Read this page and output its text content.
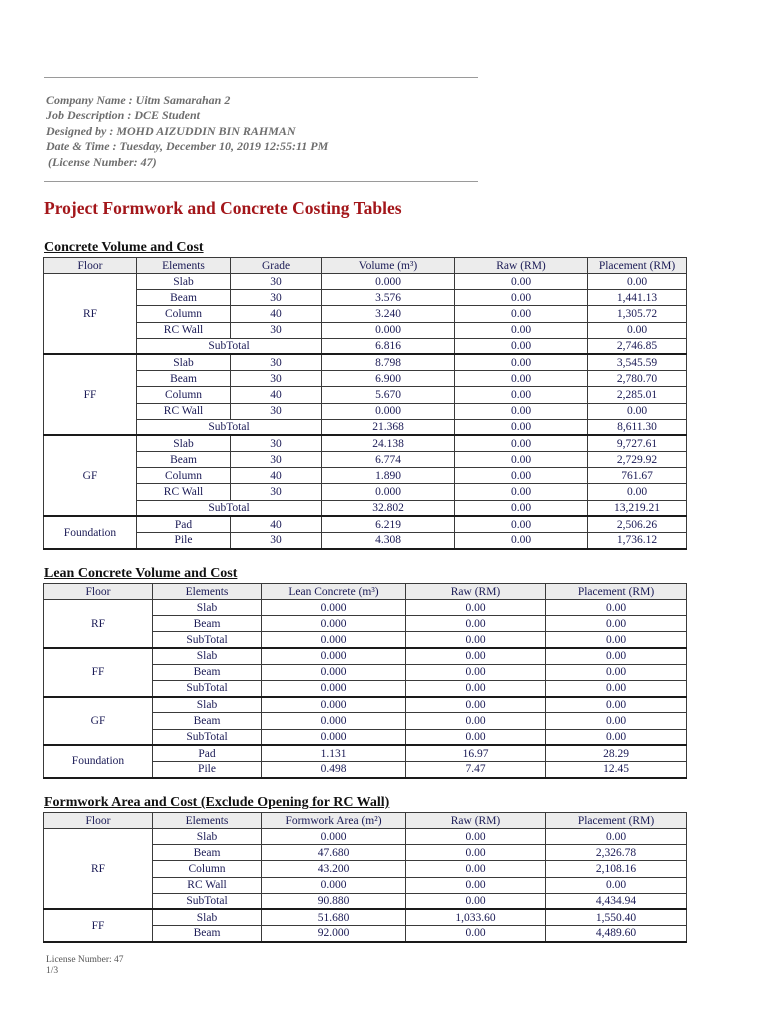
Company Name : Uitm Samarahan 2
Job Description : DCE Student
Designed by : MOHD AIZUDDIN BIN RAHMAN
Date & Time : Tuesday, December 10, 2019 12:55:11 PM
(License Number: 47)
Project Formwork and Concrete Costing Tables
Concrete Volume and Cost
Floor	Elements	Grade	Volume (m³)	Raw (RM)	Placement (RM)
RF	Slab	30	0.000	0.00	0.00
	Beam	30	3.576	0.00	1,441.13
	Column	40	3.240	0.00	1,305.72
	RC Wall	30	0.000	0.00	0.00
	SubTotal		6.816	0.00	2,746.85
FF	Slab	30	8.798	0.00	3,545.59
	Beam	30	6.900	0.00	2,780.70
	Column	40	5.670	0.00	2,285.01
	RC Wall	30	0.000	0.00	0.00
	SubTotal		21.368	0.00	8,611.30
GF	Slab	30	24.138	0.00	9,727.61
	Beam	30	6.774	0.00	2,729.92
	Column	40	1.890	0.00	761.67
	RC Wall	30	0.000	0.00	0.00
	SubTotal		32.802	0.00	13,219.21
Foundation	Pad	40	6.219	0.00	2,506.26
	Pile	30	4.308	0.00	1,736.12
Lean Concrete Volume and Cost
Floor	Elements	Lean Concrete (m³)	Raw (RM)	Placement (RM)
RF	Slab	0.000	0.00	0.00
	Beam	0.000	0.00	0.00
	SubTotal	0.000	0.00	0.00
FF	Slab	0.000	0.00	0.00
	Beam	0.000	0.00	0.00
	SubTotal	0.000	0.00	0.00
GF	Slab	0.000	0.00	0.00
	Beam	0.000	0.00	0.00
	SubTotal	0.000	0.00	0.00
Foundation	Pad	1.131	16.97	28.29
	Pile	0.498	7.47	12.45
Formwork Area and Cost (Exclude Opening for RC Wall)
Floor	Elements	Formwork Area (m²)	Raw (RM)	Placement (RM)
RF	Slab	0.000	0.00	0.00
	Beam	47.680	0.00	2,326.78
	Column	43.200	0.00	2,108.16
	RC Wall	0.000	0.00	0.00
	SubTotal	90.880	0.00	4,434.94
FF	Slab	51.680	1,033.60	1,550.40
	Beam	92.000	0.00	4,489.60
License Number: 47
1/3
